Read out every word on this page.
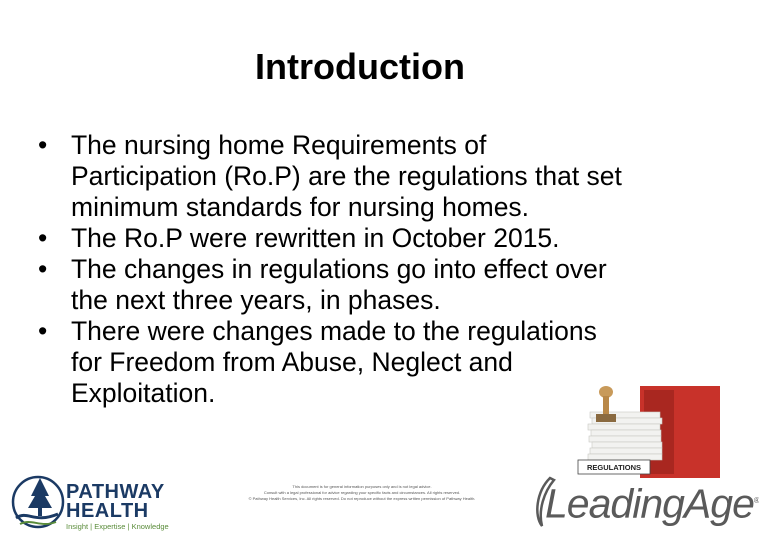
Introduction
• The nursing home Requirements of
Participation (Ro.P) are the regulations that set
minimum standards for nursing homes.
• The Ro.P were rewritten in October 2015.
• The changes in regulations go into effect over
the next three years, in phases.
• There were changes made to the regulations
for Freedom from Abuse, Neglect and
Exploitation.
REGULATIONS
PATHWAY
HEALTH
Insight | Expertise | Knowledge
This document is for general information purposes only and is not legal advice.
Consult with a legal professional for advice regarding your specific facts and circumstances. All rights reserved.
© Pathway Health Services, Inc. All rights reserved. Do not reproduce without the express written permission of Pathway Health.	LeadingAge®
